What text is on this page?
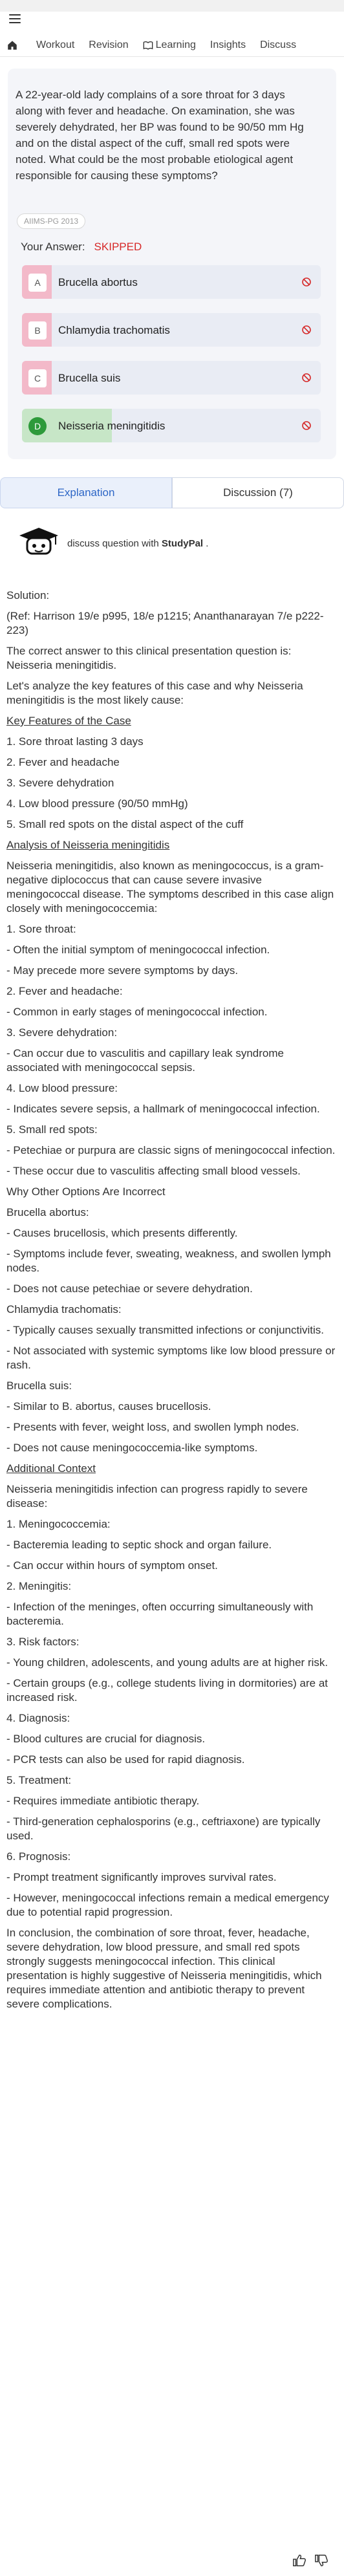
Workout Revision	Learning Insights Discuss
A 22-year-old lady complains of a sore throat for 3 days along with fever and headache. On examination, she was severely dehydrated, her BP was found to be 90/50 mm Hg and on the distal aspect of the cuff, small red spots were noted. What could be the most probable etiological agent responsible for causing these symptoms?
AIIMS-PG 2013
Your Answer: SKIPPED
A	Brucella abortus
B	Chlamydia trachomatis
C	Brucella suis
D	Neisseria meningitidis
Explanation	Discussion (7)
discuss question with StudyPal .

Solution:

(Ref: Harrison 19/e p995, 18/e p1215; Ananthanarayan 7/e p222-223)

The correct answer to this clinical presentation question is: Neisseria meningitidis.

Let's analyze the key features of this case and why Neisseria meningitidis is the most likely cause:

Key Features of the Case

1. Sore throat lasting 3 days

2. Fever and headache

3. Severe dehydration

4. Low blood pressure (90/50 mmHg)

5. Small red spots on the distal aspect of the cuff

Analysis of Neisseria meningitidis

Neisseria meningitidis, also known as meningococcus, is a gram-negative diplococcus that can cause severe invasive meningococcal disease. The symptoms described in this case align closely with meningococcemia:

1. Sore throat:

- Often the initial symptom of meningococcal infection.

- May precede more severe symptoms by days.

2. Fever and headache:

- Common in early stages of meningococcal infection.

3. Severe dehydration:

- Can occur due to vasculitis and capillary leak syndrome associated with meningococcal sepsis.

4. Low blood pressure:

- Indicates severe sepsis, a hallmark of meningococcal infection.

5. Small red spots:

- Petechiae or purpura are classic signs of meningococcal infection.

- These occur due to vasculitis affecting small blood vessels.

Why Other Options Are Incorrect

Brucella abortus:

- Causes brucellosis, which presents differently.

- Symptoms include fever, sweating, weakness, and swollen lymph nodes.

- Does not cause petechiae or severe dehydration.

Chlamydia trachomatis:

- Typically causes sexually transmitted infections or conjunctivitis.

- Not associated with systemic symptoms like low blood pressure or rash.

Brucella suis:

- Similar to B. abortus, causes brucellosis.

- Presents with fever, weight loss, and swollen lymph nodes.

- Does not cause meningococcemia-like symptoms.

Additional Context

Neisseria meningitidis infection can progress rapidly to severe disease:

1. Meningococcemia:

- Bacteremia leading to septic shock and organ failure.

- Can occur within hours of symptom onset.

2. Meningitis:

- Infection of the meninges, often occurring simultaneously with bacteremia.

3. Risk factors:

- Young children, adolescents, and young adults are at higher risk.

- Certain groups (e.g., college students living in dormitories) are at increased risk.

4. Diagnosis:

- Blood cultures are crucial for diagnosis.

- PCR tests can also be used for rapid diagnosis.

5. Treatment:

- Requires immediate antibiotic therapy.

- Third-generation cephalosporins (e.g., ceftriaxone) are typically used.

6. Prognosis:

- Prompt treatment significantly improves survival rates.

- However, meningococcal infections remain a medical emergency due to potential rapid progression.

In conclusion, the combination of sore throat, fever, headache, severe dehydration, low blood pressure, and small red spots strongly suggests meningococcal infection. This clinical presentation is highly suggestive of Neisseria meningitidis, which requires immediate attention and antibiotic therapy to prevent severe complications.
